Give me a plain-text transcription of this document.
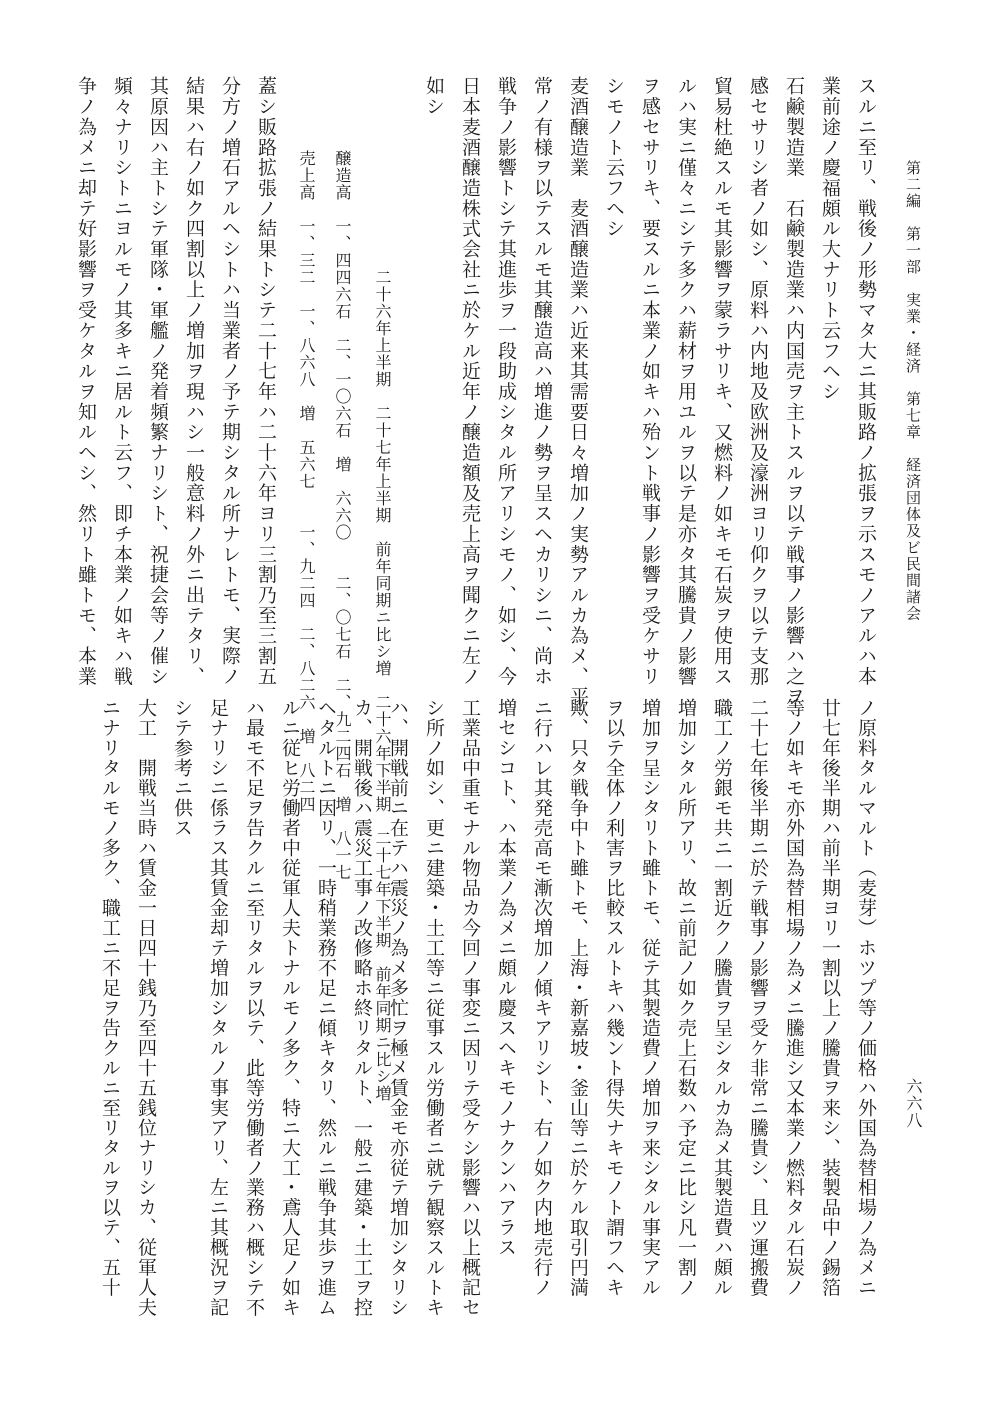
第二編　第一部　実業・経済　第七章　経済団体及ビ民間諸会
六六八
スルニ至リ、戦後ノ形勢マタ大ニ其販路ノ拡張ヲ示スモノアルハ本
業前途ノ慶福頗ル大ナリト云フヘシ
石鹸製造業　石鹸製造業ハ内国売ヲ主トスルヲ以テ戦事ノ影響ハ之ヲ
感セサリシ者ノ如シ、原料ハ内地及欧洲及濠洲ヨリ仰クヲ以テ支那
貿易杜絶スルモ其影響ヲ蒙ラサリキ、又燃料ノ如キモ石炭ヲ使用ス
ルハ実ニ僅々ニシテ多クハ薪材ヲ用ユルヲ以テ是亦タ其騰貴ノ影響
ヲ感セサリキ、要スルニ本業ノ如キハ殆ント戦事ノ影響ヲ受ケサリ
シモノト云フヘシ
麦酒醸造業　麦酒醸造業ハ近来其需要日々増加ノ実勢アルカ為メ、平
常ノ有様ヲ以テスルモ其醸造高ハ増進ノ勢ヲ呈スヘカリシニ、尚ホ
戦争ノ影響トシテ其進歩ヲ一段助成シタル所アリシモノ、如シ、今
日本麦酒醸造株式会社ニ於ケル近年ノ醸造額及売上高ヲ聞クニ左ノ
如シ
　　　　　　　二十六年上半期　二十七年上半期　前年同期ニ比シ増　二十六年下半期　二十七年下半期　前年同期ニ比シ増
醸造高　一、四四六石　二、一〇六石　増　六六〇　　二、〇七石　二、九二四石　増　八一七
売上高　一、三二　一、八六八　増　五六七　　一、九二四　二、八二六　増　八二四
蓋シ販路拡張ノ結果トシテ二十七年ハ二十六年ヨリ三割乃至三割五
分方ノ増石アルヘシトハ当業者ノ予テ期シタル所ナレトモ、実際ノ
結果ハ右ノ如ク四割以上ノ増加ヲ現ハシ一般意料ノ外ニ出テタリ、
其原因ハ主トシテ軍隊・軍艦ノ発着頻繁ナリシト、祝捷会等ノ催シ
頻々ナリシトニヨルモノ其多キニ居ルト云フ、即チ本業ノ如キハ戦
争ノ為メニ却テ好影響ヲ受ケタルヲ知ルヘシ、然リト雖トモ、本業
ノ原料タルマルト（麦芽）ホツプ等ノ価格ハ外国為替相場ノ為メニ
廿七年後半期ハ前半期ヨリ一割以上ノ騰貴ヲ来シ、装製品中ノ錫箔
等ノ如キモ亦外国為替相場ノ為メニ騰進シ又本業ノ燃料タル石炭ノ
二十七年後半期ニ於テ戦事ノ影響ヲ受ケ非常ニ騰貴シ、且ツ運搬費
職工ノ労銀モ共ニ一割近クノ騰貴ヲ呈シタルカ為メ其製造費ハ頗ル
増加シタル所アリ、故ニ前記ノ如ク売上石数ハ予定ニ比シ凡一割ノ
増加ヲ呈シタリト雖トモ、従テ其製造費ノ増加ヲ来シタル事実アル
ヲ以テ全体ノ利害ヲ比較スルトキハ幾ント得失ナキモノト謂フヘキ
歟、只タ戦争中ト雖トモ、上海・新嘉坡・釜山等ニ於ケル取引円満
ニ行ハレ其発売高モ漸次増加ノ傾キアリシト、右ノ如ク内地売行ノ
増セシコト、ハ本業ノ為メニ頗ル慶スヘキモノナクンハアラス
工業品中重モナル物品カ今回ノ事変ニ因リテ受ケシ影響ハ以上概記セ
シ所ノ如シ、更ニ建築・土工等ニ従事スル労働者ニ就テ観察スルトキ
ハ、開戦前ニ在テハ震災ノ為メ多忙ヲ極メ賃金モ亦従テ増加シタリシ
カ、開戦後ハ震災工事ノ改修略ホ終リタルト、一般ニ建築・土工ヲ控
ヘタルトニ因リ、一時稍業務不足ニ傾キタリ、然ルニ戦争其歩ヲ進ム
ルニ従ヒ労働者中従軍人夫トナルモノ多ク、特ニ大工・鳶人足ノ如キ
ハ最モ不足ヲ告クルニ至リタルヲ以テ、此等労働者ノ業務ハ概シテ不
足ナリシニ係ラス其賃金却テ増加シタルノ事実アリ、左ニ其概況ヲ記
シテ参考ニ供ス
大工　開戦当時ハ賃金一日四十銭乃至四十五銭位ナリシカ、従軍人夫
ニナリタルモノ多ク、職工ニ不足ヲ告クルニ至リタルヲ以テ、五十
